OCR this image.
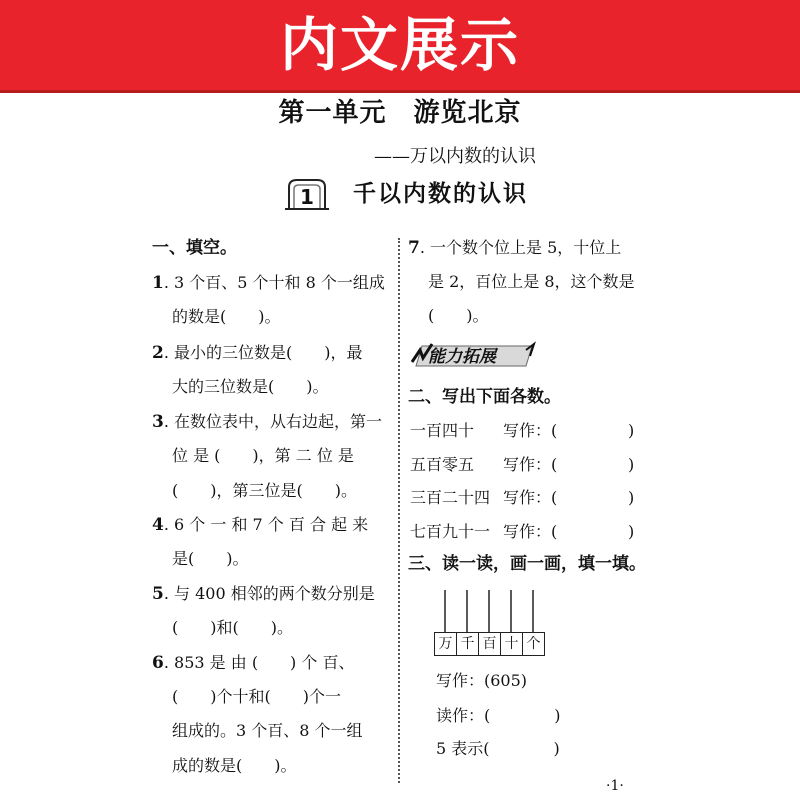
内文展示
第一单元　游览北京
——万以内数的认识
1 千以内数的认识
一、填空。
1. 3 个百、5 个十和 8 个一组成
的数是(　　)。
2. 最小的三位数是(　　)，最
大的三位数是(　　)。
3. 在数位表中，从右边起，第一
位 是 (　　)，第 二 位 是
(　　)，第三位是(　　)。
4. 6 个 一 和 7 个 百 合 起 来
是(　　)。
5. 与 400 相邻的两个数分别是
(　　)和(　　)。
6. 853 是 由 (　　) 个 百、
(　　)个十和(　　)个一
组成的。3 个百、8 个一组
成的数是(　　)。
7. 一个数个位上是 5，十位上
是 2，百位上是 8，这个数是
(　　)。
能力拓展
二、写出下面各数。
一百四十 写作：(	)
五百零五 写作：(	)
三百二十四 写作：(	)
七百九十一 写作：(	)
三、读一读，画一画，填一填。
万 千 百 十 个
写作：(605)
读作：(　　　　)
5 表示(　　　　)
·1·
